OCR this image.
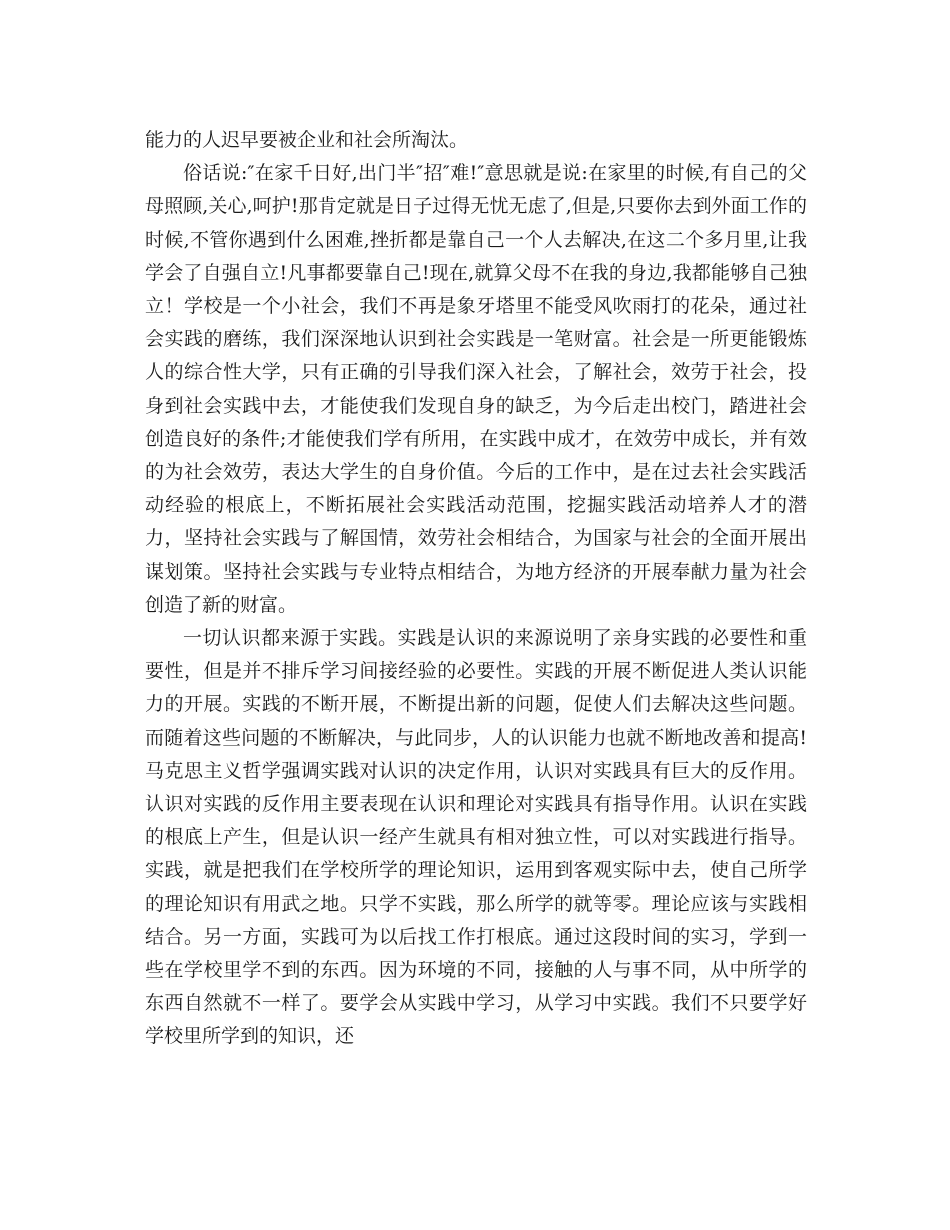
能力的人迟早要被企业和社会所淘汰。

俗话说:″在家千日好,出门半″招″难!″意思就是说:在家里的时候,有自己的父母照顾,关心,呵护!那肯定就是日子过得无忧无虑了,但是,只要你去到外面工作的时候,不管你遇到什么困难,挫折都是靠自己一个人去解决,在这二个多月里,让我学会了自强自立!凡事都要靠自己!现在,就算父母不在我的身边,我都能够自己独立！学校是一个小社会，我们不再是象牙塔里不能受风吹雨打的花朵，通过社会实践的磨练，我们深深地认识到社会实践是一笔财富。社会是一所更能锻炼人的综合性大学，只有正确的引导我们深入社会，了解社会，效劳于社会，投身到社会实践中去，才能使我们发现自身的缺乏，为今后走出校门，踏进社会创造良好的条件;才能使我们学有所用，在实践中成才，在效劳中成长，并有效的为社会效劳，表达大学生的自身价值。今后的工作中，是在过去社会实践活动经验的根底上，不断拓展社会实践活动范围，挖掘实践活动培养人才的潜力，坚持社会实践与了解国情，效劳社会相结合，为国家与社会的全面开展出谋划策。坚持社会实践与专业特点相结合，为地方经济的开展奉献力量为社会创造了新的财富。

一切认识都来源于实践。实践是认识的来源说明了亲身实践的必要性和重要性，但是并不排斥学习间接经验的必要性。实践的开展不断促进人类认识能力的开展。实践的不断开展，不断提出新的问题，促使人们去解决这些问题。而随着这些问题的不断解决，与此同步，人的认识能力也就不断地改善和提高!马克思主义哲学强调实践对认识的决定作用，认识对实践具有巨大的反作用。认识对实践的反作用主要表现在认识和理论对实践具有指导作用。认识在实践的根底上产生，但是认识一经产生就具有相对独立性，可以对实践进行指导。实践，就是把我们在学校所学的理论知识，运用到客观实际中去，使自己所学的理论知识有用武之地。只学不实践，那么所学的就等零。理论应该与实践相结合。另一方面，实践可为以后找工作打根底。通过这段时间的实习，学到一些在学校里学不到的东西。因为环境的不同，接触的人与事不同，从中所学的东西自然就不一样了。要学会从实践中学习，从学习中实践。我们不只要学好学校里所学到的知识，还
